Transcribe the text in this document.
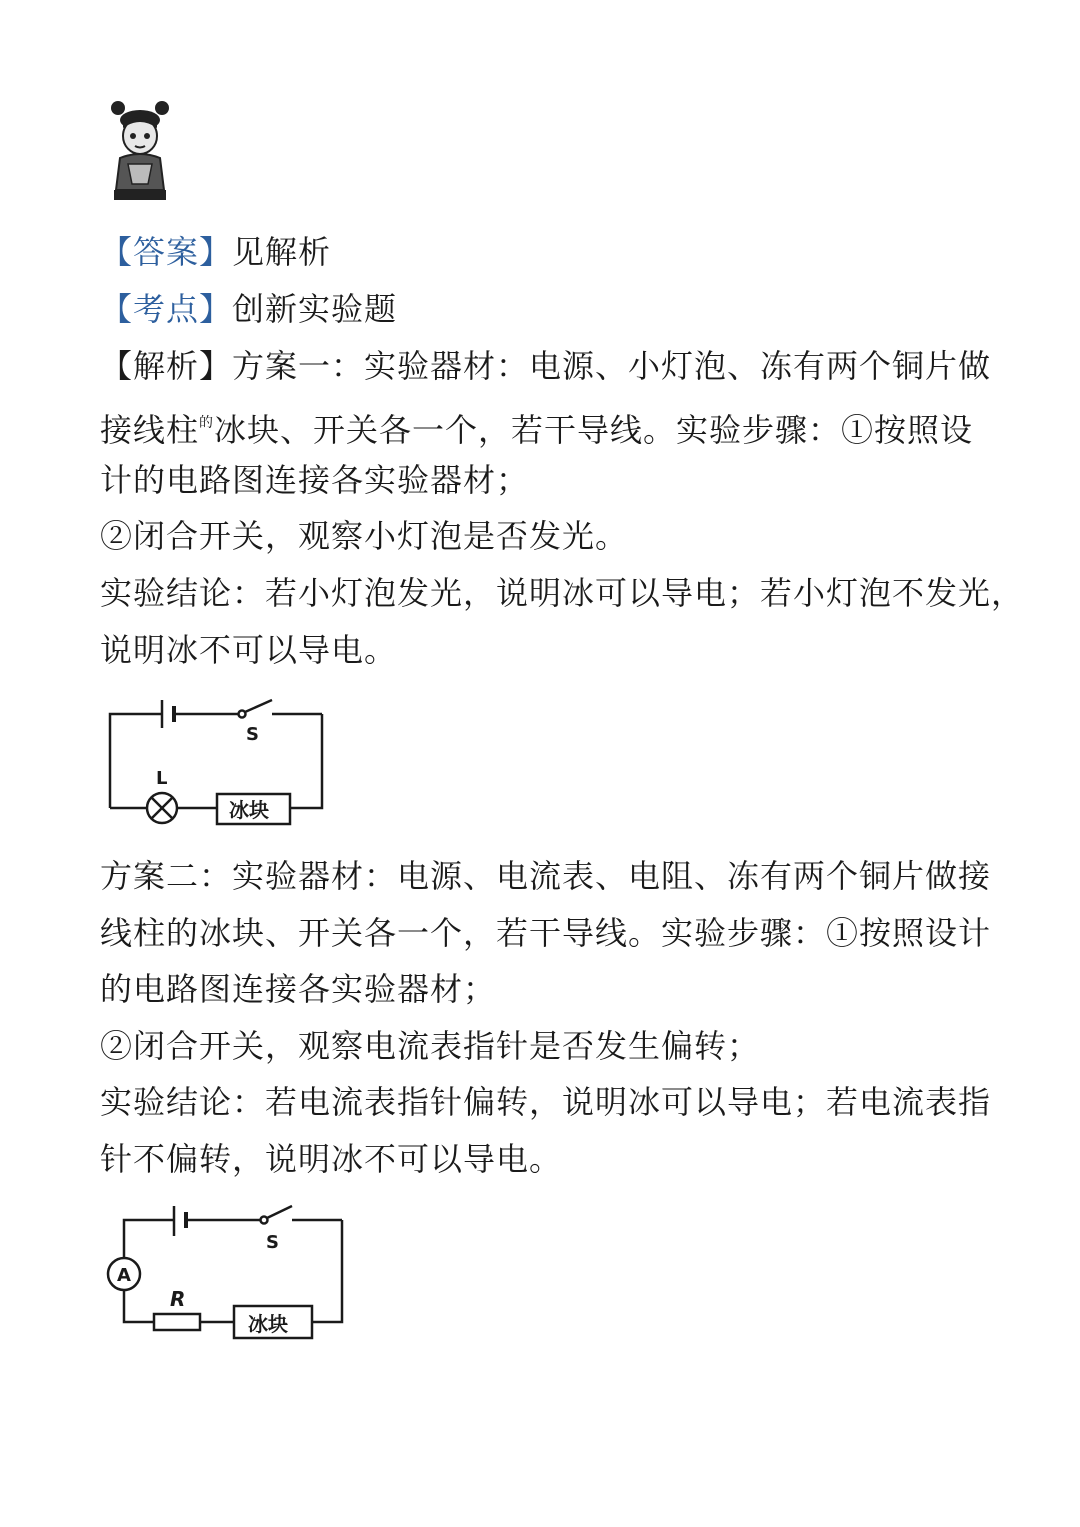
【答案】见解析
【考点】创新实验题
【解析】方案一：实验器材：电源、小灯泡、冻有两个铜片做
接线柱$^的$冰块、开关各一个，若干导线。实验步骤：①按照设
计的电路图连接各实验器材；
②闭合开关，观察小灯泡是否发光。
实验结论：若小灯泡发光，说明冰可以导电；若小灯泡不发光，
说明冰不可以导电。
S
L
冰块
方案二：实验器材：电源、电流表、电阻、冻有两个铜片做接
线柱的冰块、开关各一个，若干导线。实验步骤：①按照设计
的电路图连接各实验器材；
②闭合开关，观察电流表指针是否发生偏转；
实验结论：若电流表指针偏转，说明冰可以导电；若电流表指
针不偏转，说明冰不可以导电。
S
A
R
冰块
